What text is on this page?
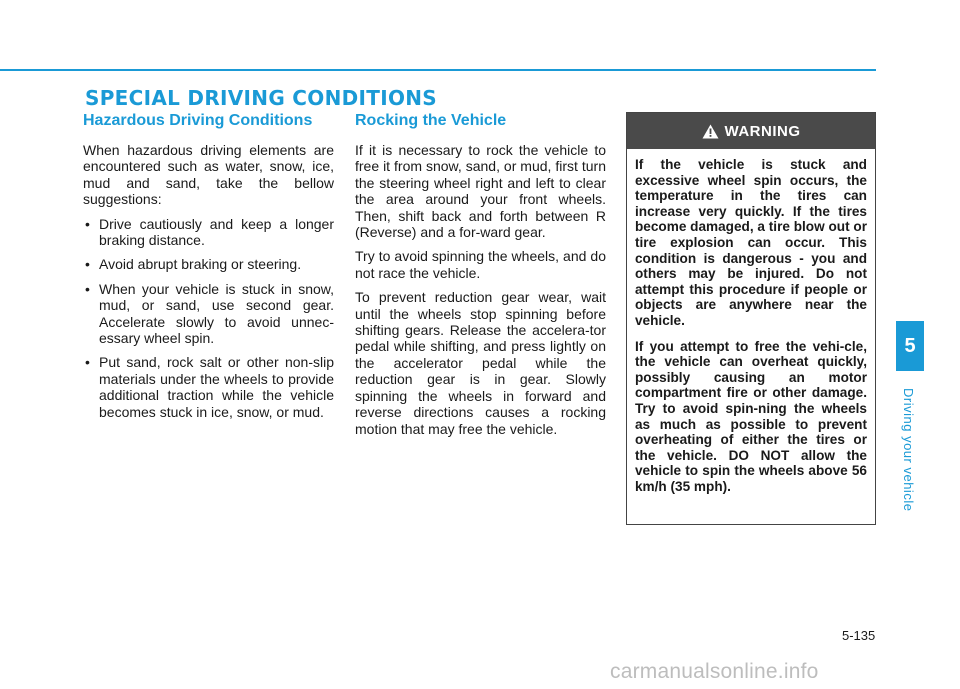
SPECIAL DRIVING CONDITIONS
Hazardous Driving Conditions

When hazardous driving elements are encountered such as water, snow, ice, mud and sand, take the bellow suggestions:

• Drive cautiously and keep a longer braking distance.
• Avoid abrupt braking or steering.
• When your vehicle is stuck in snow, mud, or sand, use second gear. Accelerate slowly to avoid unnec-essary wheel spin.
• Put sand, rock salt or other non-slip materials under the wheels to provide additional traction while the vehicle becomes stuck in ice, snow, or mud.
Rocking the Vehicle

If it is necessary to rock the vehicle to free it from snow, sand, or mud, first turn the steering wheel right and left to clear the area around your front wheels. Then, shift back and forth between R (Reverse) and a for-ward gear.

Try to avoid spinning the wheels, and do not race the vehicle.

To prevent reduction gear wear, wait until the wheels stop spinning before shifting gears. Release the accelera-tor pedal while shifting, and press lightly on the accelerator pedal while the reduction gear is in gear. Slowly spinning the wheels in forward and reverse directions causes a rocking motion that may free the vehicle.

WARNING

If the vehicle is stuck and excessive wheel spin occurs, the temperature in the tires can increase very quickly. If the tires become damaged, a tire blow out or tire explosion can occur. This condition is dangerous - you and others may be injured. Do not attempt this procedure if people or objects are anywhere near the vehicle.

If you attempt to free the vehi-cle, the vehicle can overheat quickly, possibly causing an motor compartment fire or other damage. Try to avoid spin-ning the wheels as much as possible to prevent overheating of either the tires or the vehicle. DO NOT allow the vehicle to spin the wheels above 56 km/h (35 mph).

5
Driving your vehicle
5-135
carmanualsonline.info
